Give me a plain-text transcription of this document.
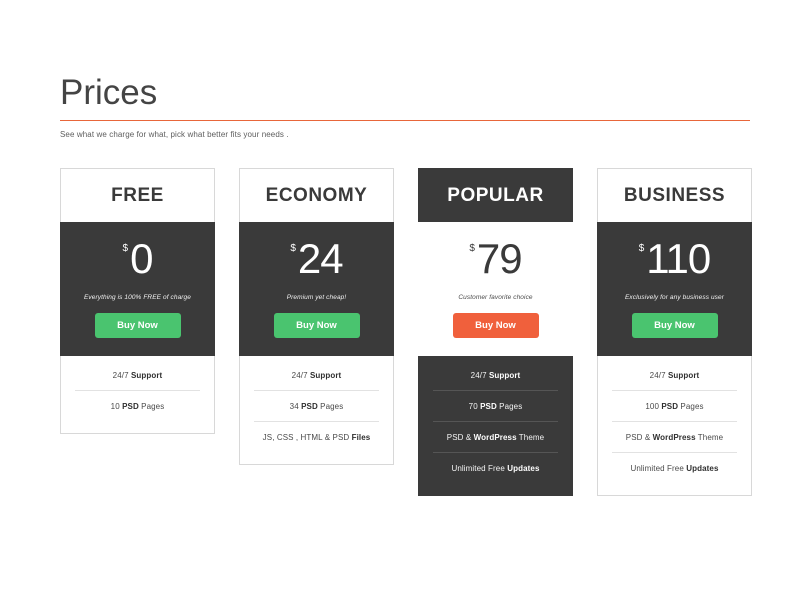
Prices
See what we charge for what, pick what better fits your needs .
FREE
$ 0
Everything is 100% FREE of charge
Buy Now
24/7 Support
10 PSD Pages
ECONOMY
$ 24
Premium yet cheap!
Buy Now
24/7 Support
34 PSD Pages
JS, CSS , HTML & PSD Files
POPULAR
$ 79
Customer favorite choice
Buy Now
24/7 Support
70 PSD Pages
PSD & WordPress Theme
Unlimited Free Updates
BUSINESS
$ 110
Exclusively for any business user
Buy Now
24/7 Support
100 PSD Pages
PSD & WordPress Theme
Unlimited Free Updates
